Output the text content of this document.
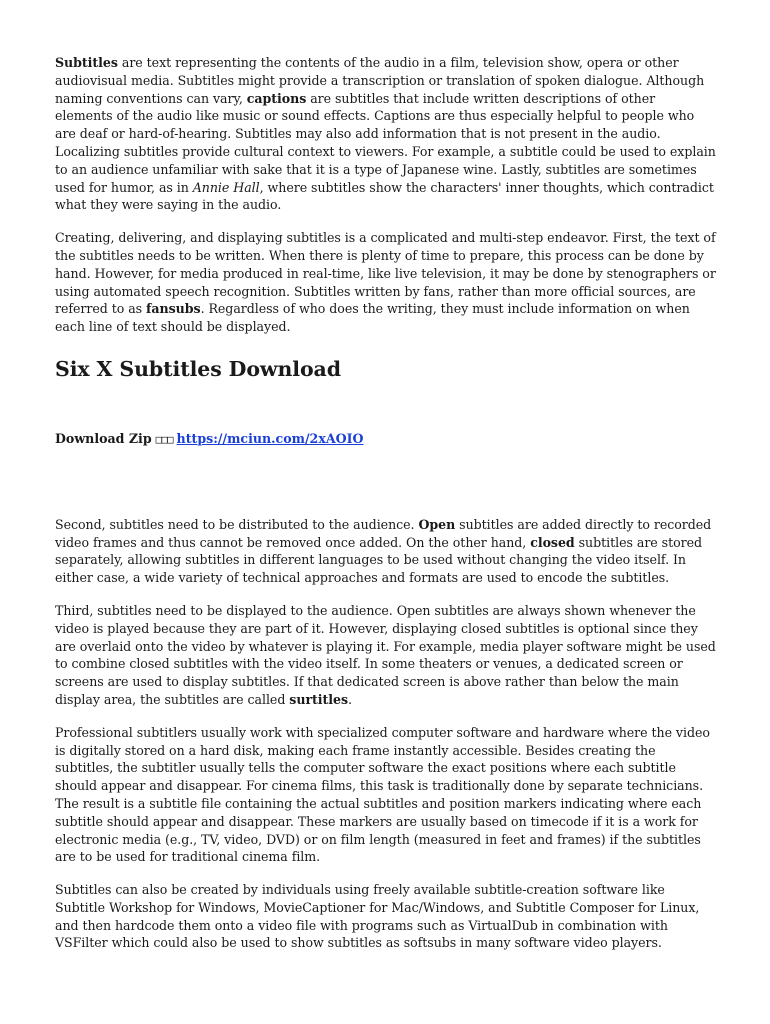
Subtitles are text representing the contents of the audio in a film, television show, opera or other audiovisual media. Subtitles might provide a transcription or translation of spoken dialogue. Although naming conventions can vary, captions are subtitles that include written descriptions of other elements of the audio like music or sound effects. Captions are thus especially helpful to people who are deaf or hard-of-hearing. Subtitles may also add information that is not present in the audio. Localizing subtitles provide cultural context to viewers. For example, a subtitle could be used to explain to an audience unfamiliar with sake that it is a type of Japanese wine. Lastly, subtitles are sometimes used for humor, as in Annie Hall, where subtitles show the characters' inner thoughts, which contradict what they were saying in the audio.

Creating, delivering, and displaying subtitles is a complicated and multi-step endeavor. First, the text of the subtitles needs to be written. When there is plenty of time to prepare, this process can be done by hand. However, for media produced in real-time, like live television, it may be done by stenographers or using automated speech recognition. Subtitles written by fans, rather than more official sources, are referred to as fansubs. Regardless of who does the writing, they must include information on when each line of text should be displayed.

Six X Subtitles Download
Download Zip □□□ https://mciun.com/2xAOIO

Second, subtitles need to be distributed to the audience. Open subtitles are added directly to recorded video frames and thus cannot be removed once added. On the other hand, closed subtitles are stored separately, allowing subtitles in different languages to be used without changing the video itself. In either case, a wide variety of technical approaches and formats are used to encode the subtitles.

Third, subtitles need to be displayed to the audience. Open subtitles are always shown whenever the video is played because they are part of it. However, displaying closed subtitles is optional since they are overlaid onto the video by whatever is playing it. For example, media player software might be used to combine closed subtitles with the video itself. In some theaters or venues, a dedicated screen or screens are used to display subtitles. If that dedicated screen is above rather than below the main display area, the subtitles are called surtitles.

Professional subtitlers usually work with specialized computer software and hardware where the video is digitally stored on a hard disk, making each frame instantly accessible. Besides creating the subtitles, the subtitler usually tells the computer software the exact positions where each subtitle should appear and disappear. For cinema films, this task is traditionally done by separate technicians. The result is a subtitle file containing the actual subtitles and position markers indicating where each subtitle should appear and disappear. These markers are usually based on timecode if it is a work for electronic media (e.g., TV, video, DVD) or on film length (measured in feet and frames) if the subtitles are to be used for traditional cinema film.

Subtitles can also be created by individuals using freely available subtitle-creation software like Subtitle Workshop for Windows, MovieCaptioner for Mac/Windows, and Subtitle Composer for Linux, and then hardcode them onto a video file with programs such as VirtualDub in combination with VSFilter which could also be used to show subtitles as softsubs in many software video players.
